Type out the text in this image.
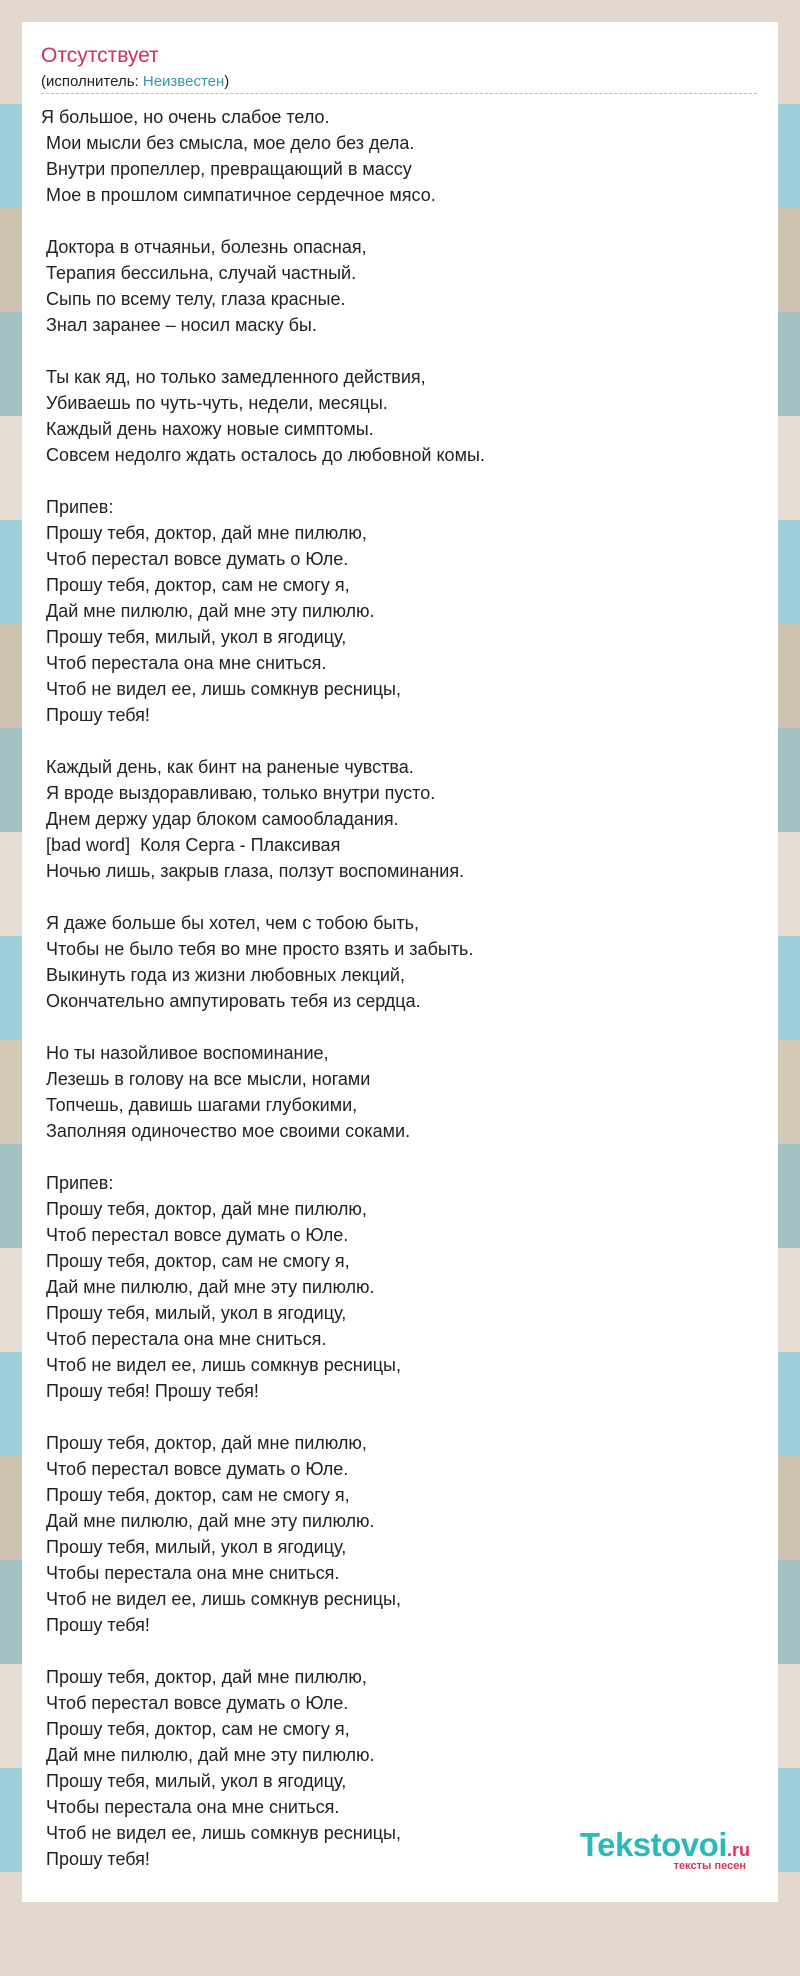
Отсутствует
(исполнитель: Неизвестен)
Я большое, но очень слабое тело.
Мои мысли без смысла, мое дело без дела.
Внутри пропеллер, превращающий в массу
Мое в прошлом симпатичное сердечное мясо.
Доктора в отчаяньи, болезнь опасная,
Терапия бессильна, случай частный.
Сыпь по всему телу, глаза красные.
Знал заранее – носил маску бы.
Ты как яд, но только замедленного действия,
Убиваешь по чуть-чуть, недели, месяцы.
Каждый день нахожу новые симптомы.
Совсем недолго ждать осталось до любовной комы.
Припев:
Прошу тебя, доктор, дай мне пилюлю,
Чтоб перестал вовсе думать о Юле.
Прошу тебя, доктор, сам не смогу я,
Дай мне пилюлю, дай мне эту пилюлю.
Прошу тебя, милый, укол в ягодицу,
Чтоб перестала она мне сниться.
Чтоб не видел ее, лишь сомкнув ресницы,
Прошу тебя!
Каждый день, как бинт на раненые чувства.
Я вроде выздоравливаю, только внутри пусто.
Днем держу удар блоком самообладания.
[bad word]  Коля Серга - Плаксивая
Ночью лишь, закрыв глаза, ползут воспоминания.
Я даже больше бы хотел, чем с тобою быть,
Чтобы не было тебя во мне просто взять и забыть.
Выкинуть года из жизни любовных лекций,
Окончательно ампутировать тебя из сердца.
Но ты назойливое воспоминание,
Лезешь в голову на все мысли, ногами
Топчешь, давишь шагами глубокими,
Заполняя одиночество мое своими соками.
Припев:
Прошу тебя, доктор, дай мне пилюлю,
Чтоб перестал вовсе думать о Юле.
Прошу тебя, доктор, сам не смогу я,
Дай мне пилюлю, дай мне эту пилюлю.
Прошу тебя, милый, укол в ягодицу,
Чтоб перестала она мне сниться.
Чтоб не видел ее, лишь сомкнув ресницы,
Прошу тебя! Прошу тебя!
Прошу тебя, доктор, дай мне пилюлю,
Чтоб перестал вовсе думать о Юле.
Прошу тебя, доктор, сам не смогу я,
Дай мне пилюлю, дай мне эту пилюлю.
Прошу тебя, милый, укол в ягодицу,
Чтобы перестала она мне сниться.
Чтоб не видел ее, лишь сомкнув ресницы,
Прошу тебя!
Прошу тебя, доктор, дай мне пилюлю,
Чтоб перестал вовсе думать о Юле.
Прошу тебя, доктор, сам не смогу я,
Дай мне пилюлю, дай мне эту пилюлю.
Прошу тебя, милый, укол в ягодицу,
Чтобы перестала она мне сниться.
Чтоб не видел ее, лишь сомкнув ресницы,
Прошу тебя!	Tekstovoi.ru
тексты песен
